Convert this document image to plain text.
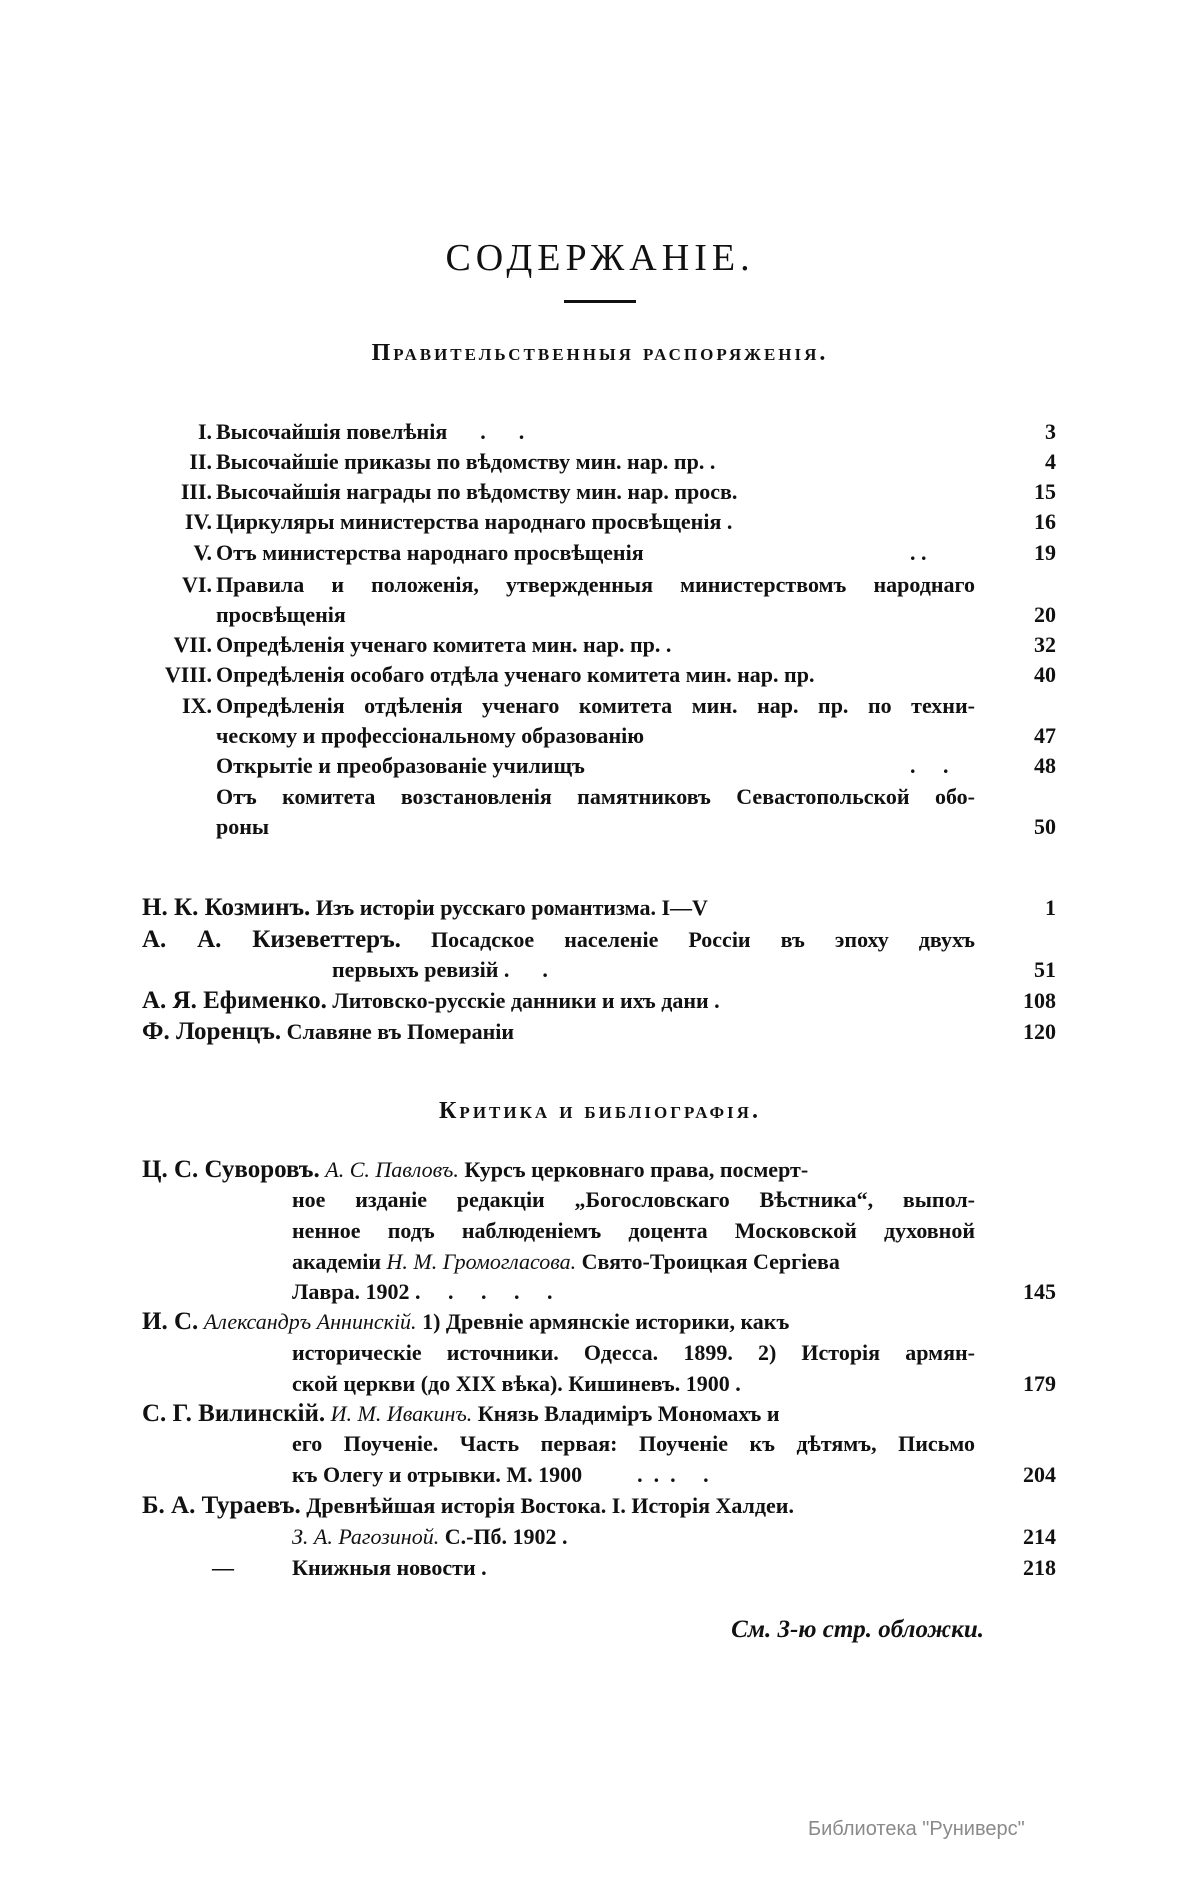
СОДЕРЖАНIЕ.
Правительственныя распоряженія.
I. Высочайшія повелѣнія      .      .	3
II. Высочайшіе приказы по вѣдомству мин. нар. пр. .	4
III. Высочайшія награды по вѣдомству мин. нар. просв.	15
IV. Циркуляры министерства народнаго просвѣщенія .	16
V. Отъ министерства народнаго просвѣщенія	. .	19
VI. Правила и положенія, утвержденныя министерствомъ народнаго
просвѣщенія	20
VII. Опредѣленія ученаго комитета мин. нар. пр. .	32
VIII. Опредѣленія особаго отдѣла ученаго комитета мин. нар. пр.	40
IX. Опредѣленія отдѣленія ученаго комитета мин. нар. пр. по техни-
ческому и профессіональному образованію	47
Открытіе и преобразованіе училищъ	.     .	48
Отъ комитета возстановленія памятниковъ Севастопольской обо-
роны	50
Н. К. Козминъ. Изъ исторіи русскаго романтизма. I—V	1
А. А. Кизеветтеръ. Посадское населеніе Россіи въ эпоху двухъ
первыхъ ревизій .      .	51
А. Я. Ефименко. Литовско-русскіе данники и ихъ дани .	108
Ф. Лоренцъ. Славяне въ Помераніи	120
Критика и библіографія.
Ц. С. Суворовъ. А. С. Павловъ. Курсъ церковнаго права, посмерт-
ное изданіе редакціи „Богословскаго Вѣстника“, выпол-
ненное подъ наблюденіемъ доцента Московской духовной
академіи Н. М. Громогласова. Свято-Троицкая Сергіева
Лавра. 1902 .     .     .     .     .	145
И. С. Александръ Аннинскій. 1) Древніе армянскіе историки, какъ
историческіе источники. Одесса. 1899. 2) Исторія армян-
ской церкви (до XIX вѣка). Кишиневъ. 1900 .	179
С. Г. Вилинскій. И. М. Ивакинъ. Князь Владиміръ Мономахъ и
его Поученіе. Часть первая: Поученіе къ дѣтямъ, Письмо
къ Олегу и отрывки. М. 1900          .  .  .     .	204
Б. А. Тураевъ. Древнѣйшая исторія Востока. I. Исторія Халдеи.
З. А. Рагозиной. С.-Пб. 1902 .	214
—	Книжныя новости .	218
См. 3-ю стр. обложки.
Библиотека "Руниверс"
